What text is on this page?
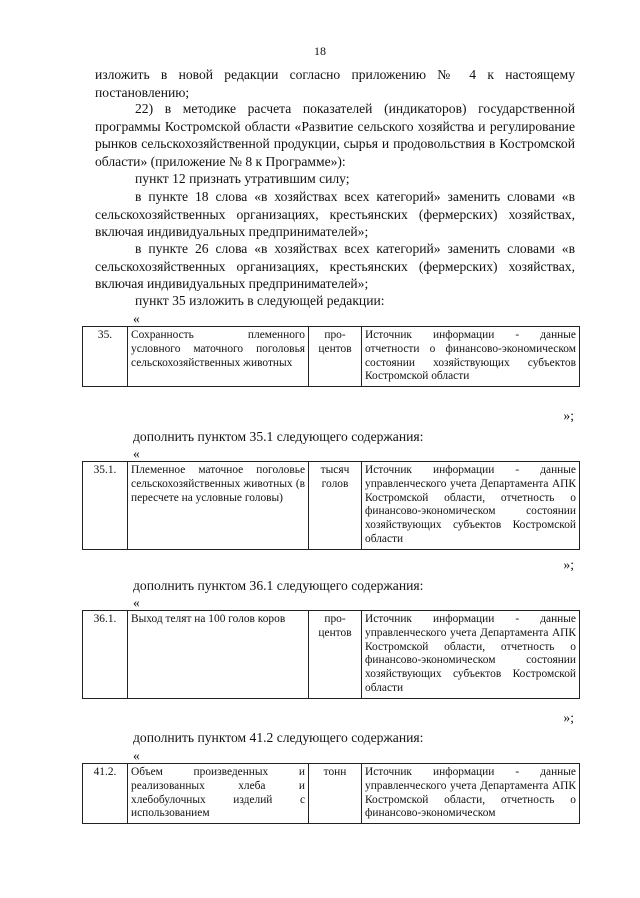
18
изложить в новой редакции согласно приложению № 4 к настоящему
постановлению;
22) в методике расчета показателей (индикаторов) государственной программы Костромской области «Развитие сельского хозяйства и регулирование рынков сельскохозяйственной продукции, сырья и продовольствия в Костромской области» (приложение № 8 к Программе»):
пункт 12 признать утратившим силу;
в пункте 18 слова «в хозяйствах всех категорий» заменить словами «в сельскохозяйственных организациях, крестьянских (фермерских) хозяйствах, включая индивидуальных предпринимателей»;
в пункте 26 слова «в хозяйствах всех категорий» заменить словами «в сельскохозяйственных организациях, крестьянских (фермерских) хозяйствах, включая индивидуальных предпринимателей»;
пункт 35 изложить в следующей редакции:
«
35.	Сохранность племенного условного маточного поголовья сельскохозяйственных животных	про-центов	Источник информации - данные отчетности о финансово-экономическом состоянии хозяйствующих субъектов Костромской области
»;
дополнить пунктом 35.1 следующего содержания:
«
35.1.	Племенное маточное поголовье сельскохозяйственных животных (в пересчете на условные головы)	тысяч голов	Источник информации - данные управленческого учета Департамента АПК Костромской области, отчетность о финансово-экономическом состоянии хозяйствующих субъектов Костромской области
»;
дополнить пунктом 36.1 следующего содержания:
«
36.1.	Выход телят на 100 голов коров	про-центов	Источник информации - данные управленческого учета Департамента АПК Костромской области, отчетность о финансово-экономическом состоянии хозяйствующих субъектов Костромской области
»;
дополнить пунктом 41.2 следующего содержания:
«
41.2.	Объем произведенных и реализованных хлеба и хлебобулочных изделий с использованием	тонн	Источник информации - данные управленческого учета Департамента АПК Костромской области, отчетность о финансово-экономическом
